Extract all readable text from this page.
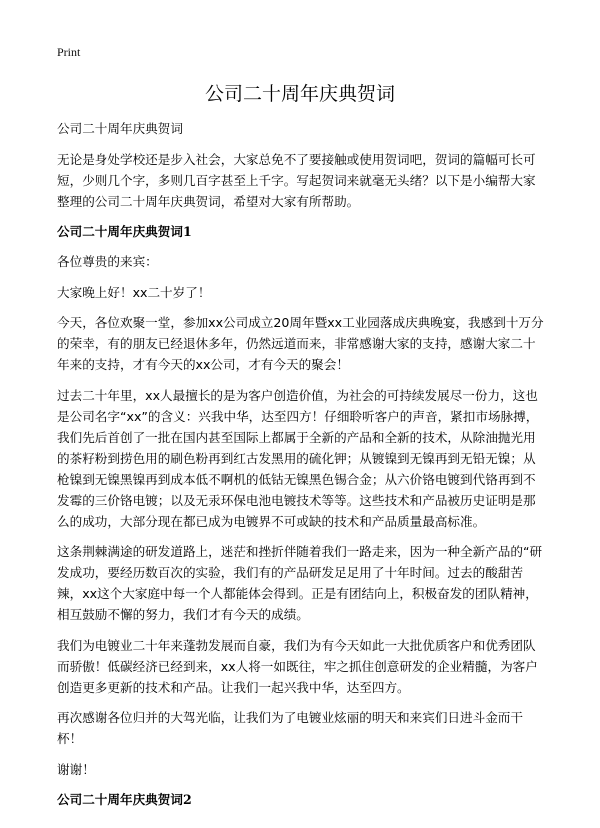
Print
公司二十周年庆典贺词

公司二十周年庆典贺词

无论是身处学校还是步入社会，大家总免不了要接触或使用贺词吧，贺词的篇幅可长可短，少则几个字，多则几百字甚至上千字。写起贺词来就毫无头绪？以下是小编帮大家整理的公司二十周年庆典贺词，希望对大家有所帮助。

公司二十周年庆典贺词1

各位尊贵的来宾：

大家晚上好！xx二十岁了！

今天，各位欢聚一堂，参加xx公司成立20周年暨xx工业园落成庆典晚宴，我感到十万分的荣幸，有的朋友已经退休多年，仍然远道而来，非常感谢大家的支持，感谢大家二十年来的支持，才有今天的xx公司，才有今天的聚会！

过去二十年里，xx人最擅长的是为客户创造价值，为社会的可持续发展尽一份力，这也是公司名字“xx”的含义：兴我中华，达至四方！仔细聆听客户的声音，紧扣市场脉搏，我们先后首创了一批在国内甚至国际上都属于全新的产品和全新的技术，从除油抛光用的茶籽粉到捞色用的刷色粉再到红古发黑用的硫化钾；从镀镍到无镍再到无铅无镍；从枪镍到无镍黑镍再到成本低不啊机的低钴无镍黑色锡合金；从六价铬电镀到代铬再到不发霉的三价铬电镀；以及无汞环保电池电镀技术等等。这些技术和产品被历史证明是那么的成功，大部分现在都已成为电镀界不可或缺的技术和产品质量最高标准。

这条荆棘满途的研发道路上，迷茫和挫折伴随着我们一路走来，因为一种全新产品的“研发成功，要经历数百次的实验，我们有的产品研发足足用了十年时间。过去的酸甜苦辣，xx这个大家庭中每一个人都能体会得到。正是有团结向上，积极奋发的团队精神，相互鼓励不懈的努力，我们才有今天的成绩。

我们为电镀业二十年来蓬勃发展而自豪，我们为有今天如此一大批优质客户和优秀团队而骄傲！低碳经济已经到来，xx人将一如既往，牢之抓住创意研发的企业精髓，为客户创造更多更新的技术和产品。让我们一起兴我中华，达至四方。

再次感谢各位归并的大驾光临，让我们为了电镀业炫丽的明天和来宾们日进斗金而干杯！

谢谢！

公司二十周年庆典贺词2
